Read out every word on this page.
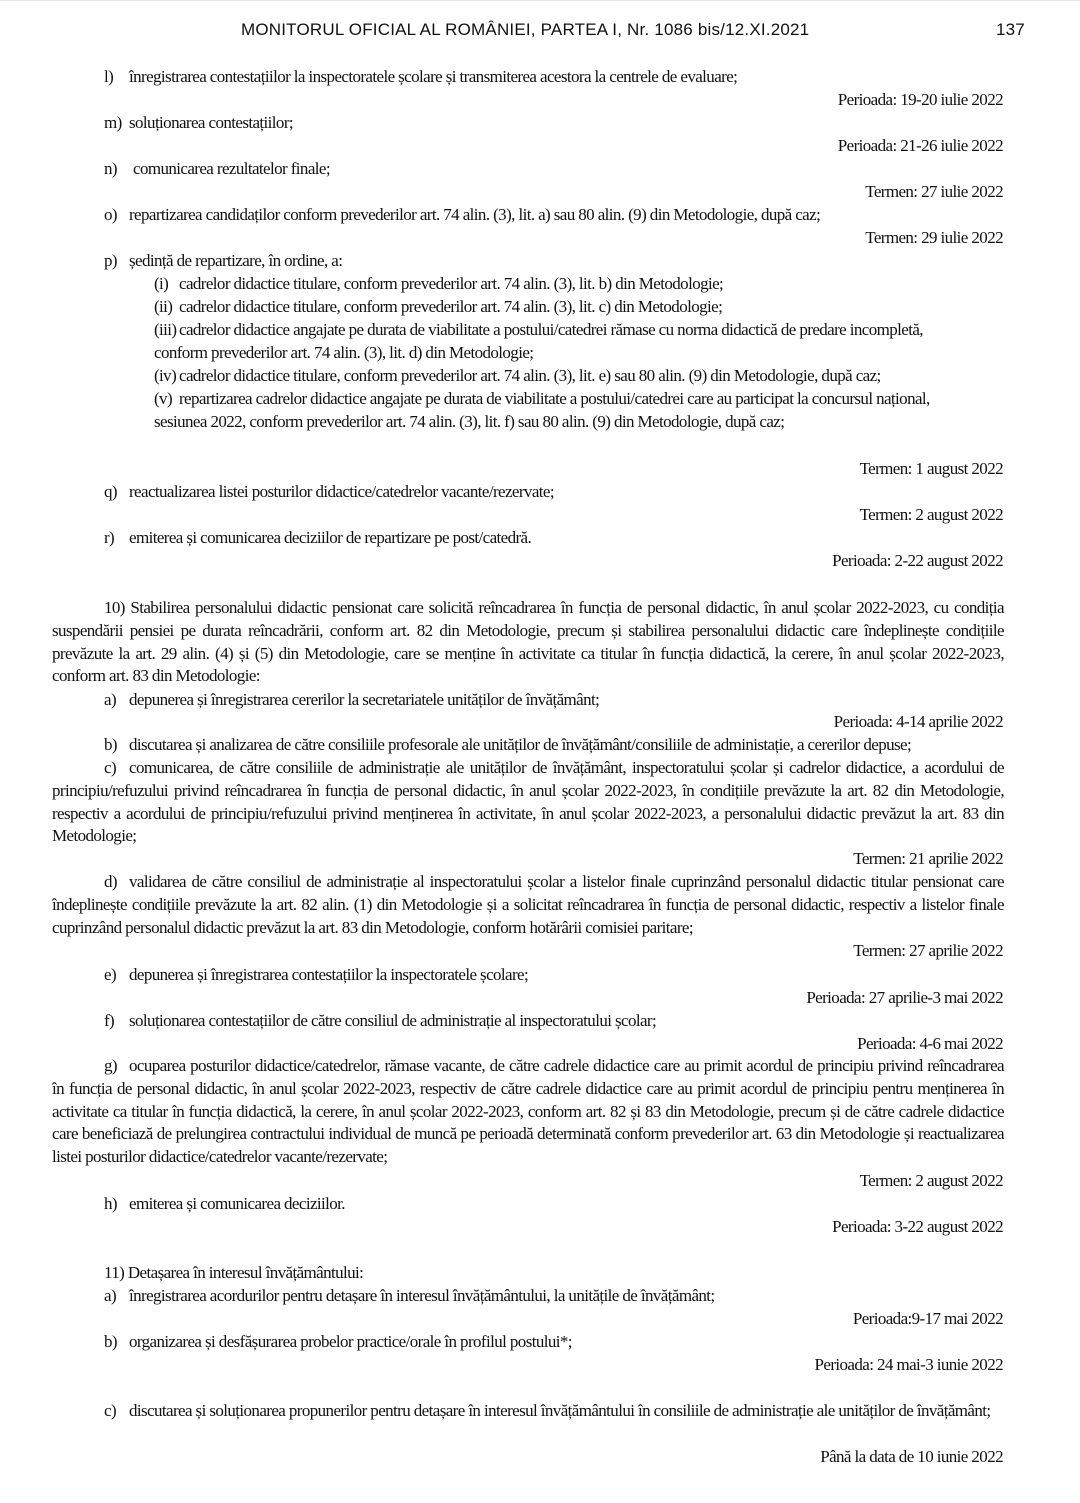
MONITORUL OFICIAL AL ROMÂNIEI, PARTEA I, Nr. 1086 bis/12.XI.2021	137
l) înregistrarea contestațiilor la inspectoratele școlare și transmiterea acestora la centrele de evaluare;
Perioada: 19-20 iulie 2022
m) soluționarea contestațiilor;
Perioada: 21-26 iulie 2022
n) comunicarea rezultatelor finale;
Termen: 27 iulie 2022
o) repartizarea candidaților conform prevederilor art. 74 alin. (3), lit. a) sau 80 alin. (9) din Metodologie, după caz;
Termen: 29 iulie 2022
p) ședință de repartizare, în ordine, a:
(i) cadrelor didactice titulare, conform prevederilor art. 74 alin. (3), lit. b) din Metodologie;
(ii) cadrelor didactice titulare, conform prevederilor art. 74 alin. (3), lit. c) din Metodologie;
(iii) cadrelor didactice angajate pe durata de viabilitate a postului/catedrei rămase cu norma didactică de predare incompletă,
conform prevederilor art. 74 alin. (3), lit. d) din Metodologie;
(iv) cadrelor didactice titulare, conform prevederilor art. 74 alin. (3), lit. e) sau 80 alin. (9) din Metodologie, după caz;
(v) repartizarea cadrelor didactice angajate pe durata de viabilitate a postului/catedrei care au participat la concursul național,
sesiunea 2022, conform prevederilor art. 74 alin. (3), lit. f) sau 80 alin. (9) din Metodologie, după caz;
Termen: 1 august 2022
q) reactualizarea listei posturilor didactice/catedrelor vacante/rezervate;
Termen: 2 august 2022
r) emiterea și comunicarea deciziilor de repartizare pe post/catedră.
Perioada: 2-22 august 2022
10) Stabilirea personalului didactic pensionat care solicită reîncadrarea în funcția de personal didactic, în anul școlar 2022-2023, cu condiția suspendării pensiei pe durata reîncadrării, conform art. 82 din Metodologie, precum și stabilirea personalului didactic care îndeplinește condițiile prevăzute la art. 29 alin. (4) și (5) din Metodologie, care se menține în activitate ca titular în funcția didactică, la cerere, în anul școlar 2022-2023, conform art. 83 din Metodologie:
a) depunerea și înregistrarea cererilor la secretariatele unităților de învățământ;
Perioada: 4-14 aprilie 2022
b) discutarea și analizarea de către consiliile profesorale ale unităților de învățământ/consiliile de administație, a cererilor depuse;
c) comunicarea, de către consiliile de administrație ale unităților de învățământ, inspectoratului școlar și cadrelor didactice, a acordului de principiu/refuzului privind reîncadrarea în funcția de personal didactic, în anul școlar 2022-2023, în condițiile prevăzute la art. 82 din Metodologie, respectiv a acordului de principiu/refuzului privind menținerea în activitate, în anul școlar 2022-2023, a personalului didactic prevăzut la art. 83 din Metodologie;
Termen: 21 aprilie 2022
d) validarea de către consiliul de administrație al inspectoratului școlar a listelor finale cuprinzând personalul didactic titular pensionat care îndeplinește condițiile prevăzute la art. 82 alin. (1) din Metodologie și a solicitat reîncadrarea în funcția de personal didactic, respectiv a listelor finale cuprinzând personalul didactic prevăzut la art. 83 din Metodologie, conform hotărârii comisiei paritare;
Termen: 27 aprilie 2022
e) depunerea și înregistrarea contestațiilor la inspectoratele școlare;
Perioada: 27 aprilie-3 mai 2022
f) soluționarea contestațiilor de către consiliul de administrație al inspectoratului școlar;
Perioada: 4-6 mai 2022
g) ocuparea posturilor didactice/catedrelor, rămase vacante, de către cadrele didactice care au primit acordul de principiu privind reîncadrarea în funcția de personal didactic, în anul școlar 2022-2023, respectiv de către cadrele didactice care au primit acordul de principiu pentru menținerea în activitate ca titular în funcția didactică, la cerere, în anul școlar 2022-2023, conform art. 82 și 83 din Metodologie, precum și de către cadrele didactice care beneficiază de prelungirea contractului individual de muncă pe perioadă determinată conform prevederilor art. 63 din Metodologie și reactualizarea listei posturilor didactice/catedrelor vacante/rezervate;
Termen: 2 august 2022
h) emiterea și comunicarea deciziilor.
Perioada: 3-22 august 2022
11) Detașarea în interesul învățământului:
a) înregistrarea acordurilor pentru detașare în interesul învățământului, la unitățile de învățământ;
Perioada:9-17 mai 2022
b) organizarea și desfășurarea probelor practice/orale în profilul postului*;
Perioada: 24 mai-3 iunie 2022
c) discutarea și soluționarea propunerilor pentru detașare în interesul învățământului în consiliile de administrație ale unităților de învățământ;
Până la data de 10 iunie 2022
